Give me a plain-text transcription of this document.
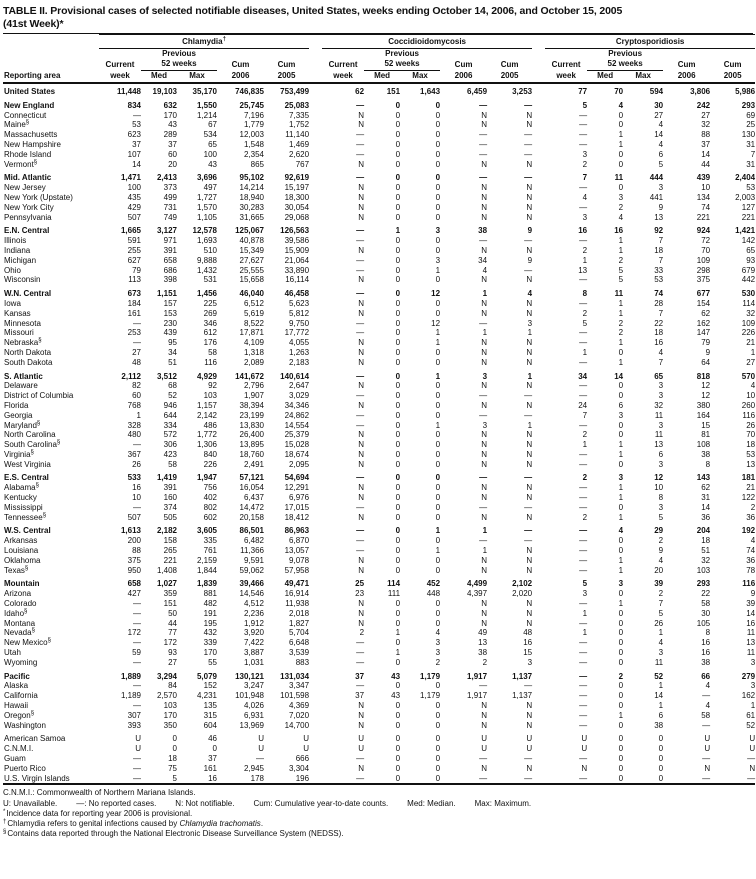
TABLE II. Provisional cases of selected notifiable diseases, United States, weeks ending October 14, 2006, and October 15, 2005
(41st Week)*
	Chlamydia†						Coccidioidomycosis						Cryptosporidiosis				
		Previous						Previous						Previous			
	Current	52 weeks		Cum	Cum		Current	52 weeks		Cum	Cum		Current	52 weeks		Cum	Cum
Reporting area	week	Med	Max	2006	2005		week	Med	Max	2006	2005		week	Med	Max	2006	2005
United States	11,448	19,103	35,170	746,835	753,499		62	151	1,643	6,459	3,253		77	70	594	3,806	5,986
New England	834	632	1,550	25,745	25,083		—	0	0	—	—		5	4	30	242	293
Connecticut	—	170	1,214	7,196	7,335		N	0	0	N	N		—	0	27	27	69
Maine§	53	43	67	1,779	1,752		N	0	0	N	N		—	0	4	32	25
Massachusetts	623	289	534	12,003	11,140		—	0	0	—	—		—	1	14	88	130
New Hampshire	37	37	65	1,548	1,469		—	0	0	—	—		—	1	4	37	31
Rhode Island	107	60	100	2,354	2,620		—	0	0	—	—		3	0	6	14	7
Vermont§	14	20	43	865	767		N	0	0	N	N		2	0	5	44	31
Mid. Atlantic	1,471	2,413	3,696	95,102	92,619		—	0	0	—	—		7	11	444	439	2,404
New Jersey	100	373	497	14,214	15,197		N	0	0	N	N		—	0	3	10	53
New York (Upstate)	435	499	1,727	18,940	18,300		N	0	0	N	N		4	3	441	134	2,003
New York City	429	731	1,570	30,283	30,054		N	0	0	N	N		—	2	9	74	127
Pennsylvania	507	749	1,105	31,665	29,068		N	0	0	N	N		3	4	13	221	221
E.N. Central	1,665	3,127	12,578	125,067	126,563		—	1	3	38	9		16	16	92	924	1,421
Illinois	591	971	1,693	40,878	39,586		—	0	0	—	—		—	1	7	72	142
Indiana	255	391	510	15,349	15,909		N	0	0	N	N		2	1	18	70	65
Michigan	627	658	9,888	27,627	21,064		—	0	3	34	9		1	2	7	109	93
Ohio	79	686	1,432	25,555	33,890		—	0	1	4	—		13	5	33	298	679
Wisconsin	113	398	531	15,658	16,114		N	0	0	N	N		—	5	53	375	442
W.N. Central	673	1,151	1,456	46,040	46,458		—	0	12	1	4		8	11	74	677	530
Iowa	184	157	225	6,512	5,623		N	0	0	N	N		—	1	28	154	114
Kansas	161	153	269	5,619	5,812		N	0	0	N	N		2	1	7	62	32
Minnesota	—	230	346	8,522	9,750		—	0	12	—	3		5	2	22	162	109
Missouri	253	439	612	17,871	17,772		—	0	1	1	1		—	2	18	147	226
Nebraska§	—	95	176	4,109	4,055		N	0	1	N	N		—	1	16	79	21
North Dakota	27	34	58	1,318	1,263		N	0	0	N	N		1	0	4	9	1
South Dakota	48	51	116	2,089	2,183		N	0	0	N	N		—	1	7	64	27
S. Atlantic	2,112	3,512	4,929	141,672	140,614		—	0	1	3	1		34	14	65	818	570
Delaware	82	68	92	2,796	2,647		N	0	0	N	N		—	0	3	12	4
District of Columbia	60	52	103	1,907	3,029		—	0	0	—	—		—	0	3	12	10
Florida	768	946	1,157	38,394	34,346		N	0	0	N	N		24	6	32	380	260
Georgia	1	644	2,142	23,199	24,862		—	0	0	—	—		7	3	11	164	116
Maryland§	328	334	486	13,830	14,554		—	0	1	3	1		—	0	3	15	26
North Carolina	480	572	1,772	26,400	25,379		N	0	0	N	N		2	0	11	81	70
South Carolina§	—	306	1,306	13,895	15,028		N	0	0	N	N		1	1	13	108	18
Virginia§	367	423	840	18,760	18,674		N	0	0	N	N		—	1	6	38	53
West Virginia	26	58	226	2,491	2,095		N	0	0	N	N		—	0	3	8	13
E.S. Central	533	1,419	1,947	57,121	54,694		—	0	0	—	—		2	3	12	143	181
Alabama§	16	391	756	16,054	12,291		N	0	0	N	N		—	1	10	62	21
Kentucky	10	160	402	6,437	6,976		N	0	0	N	N		—	1	8	31	122
Mississippi	—	374	802	14,472	17,015		—	0	0	—	—		—	0	3	14	2
Tennessee§	507	505	602	20,158	18,412		N	0	0	N	N		2	1	5	36	36
W.S. Central	1,613	2,182	3,605	86,501	86,963		—	0	1	1	—		—	4	29	204	192
Arkansas	200	158	335	6,482	6,870		—	0	0	—	—		—	0	2	18	4
Louisiana	88	265	761	11,366	13,057		—	0	1	1	N		—	0	9	51	74
Oklahoma	375	221	2,159	9,591	9,078		N	0	0	N	N		—	1	4	32	36
Texas§	950	1,408	1,844	59,062	57,958		N	0	0	N	N		—	1	20	103	78
Mountain	658	1,027	1,839	39,466	49,471		25	114	452	4,499	2,102		5	3	39	293	116
Arizona	427	359	881	14,546	16,914		23	111	448	4,397	2,020		3	0	2	22	9
Colorado	—	151	482	4,512	11,938		N	0	0	N	N		—	1	7	58	39
Idaho§	—	50	191	2,236	2,018		N	0	0	N	N		1	0	5	30	14
Montana	—	44	195	1,912	1,827		N	0	0	N	N		—	0	26	105	16
Nevada§	172	77	432	3,920	5,704		2	1	4	49	48		1	0	1	8	11
New Mexico§	—	172	339	7,422	6,648		—	0	3	13	16		—	0	4	16	13
Utah	59	93	170	3,887	3,539		—	1	3	38	15		—	0	3	16	11
Wyoming	—	27	55	1,031	883		—	0	2	2	3		—	0	11	38	3
Pacific	1,889	3,294	5,079	130,121	131,034		37	43	1,179	1,917	1,137		—	2	52	66	279
Alaska	—	84	152	3,247	3,347		—	0	0	—	—		—	0	1	4	3
California	1,189	2,570	4,231	101,948	101,598		37	43	1,179	1,917	1,137		—	0	14	—	162
Hawaii	—	103	135	4,026	4,369		N	0	0	N	N		—	0	1	4	1
Oregon§	307	170	315	6,931	7,020		N	0	0	N	N		—	1	6	58	61
Washington	393	350	604	13,969	14,700		N	0	0	N	N		—	0	38	—	52
American Samoa	U	0	46	U	U		U	0	0	U	U		U	0	0	U	U
C.N.M.I.	U	0	0	U	U		U	0	0	U	U		U	0	0	U	U
Guam	—	18	37	—	666		—	0	0	—	—		—	0	0	—	—
Puerto Rico	—	75	161	2,945	3,304		N	0	0	N	N		N	0	0	N	N
U.S. Virgin Islands	—	5	16	178	196		—	0	0	—	—		—	0	0	—	—
C.N.M.I.: Commonwealth of Northern Mariana Islands.
U: Unavailable. —: No reported cases. N: Not notifiable. Cum: Cumulative year-to-date counts. Med: Median. Max: Maximum.
*Incidence data for reporting year 2006 is provisional.
†Chlamydia refers to genital infections caused by Chlamydia trachomatis.
§Contains data reported through the National Electronic Disease Surveillance System (NEDSS).
